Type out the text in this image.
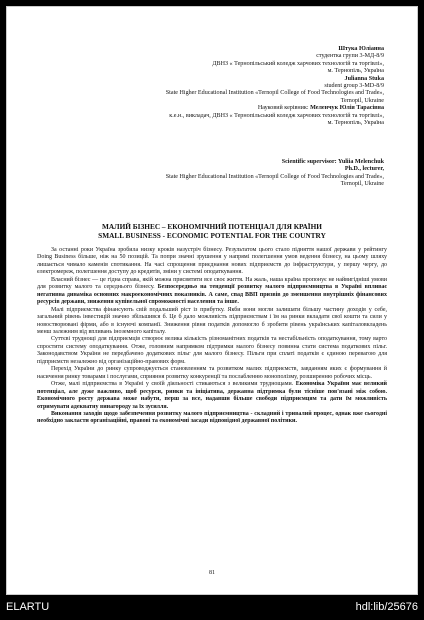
Штука Юліанна
студентка групи 3-МД-8/9
ДВНЗ « Тернопільський коледж харчових технологій та торгівлі»,
м. Тернопіль, Україна
Julianna Stuka
student group 3-MD-8/9
State Higher Educational Institution «Ternopil College of Food Technologies and Trade»,
Ternopil, Ukraine
Науковий керівник: Меленчук Юлія Тарасівна
к.е.н., викладач, ДВНЗ « Тернопільський коледж харчових технологій та торгівлі»,
м. Тернопіль, Україна
Scientific supervisor: Yuliia Melenchuk
Ph.D., lecturer,
State Higher Educational Institution «Ternopil College of Food Technologies and Trade»,
Ternopil, Ukraine
МАЛИЙ БІЗНЕС – ЕКОНОМІЧНИЙ ПОТЕНЦІАЛ ДЛЯ КРАЇНИ
SMALL BUSINESS - ECONOMIC POTENTIAL FOR THE COUNTRY

За останні роки Україна зробила низку кроків назустріч бізнесу. Результатом цього стало підняття нашої держави у рейтингу Doing Business більше, ніж на 50 позицій. Та попри значні зрушення у напрямі полегшення умов ведення бізнесу, на цьому шляху лишається чимало каменів спотикання. На часі спрощення приєднання нових підприємств до інфраструктури, у першу чергу, до електромереж, полегшення доступу до кредитів, зміни у системі оподаткування.

Власний бізнес — це гідна справа, якій можна присвятити все своє життя. На жаль, наша країна пропонує не найвигідніші умови для розвитку малого та середнього бізнесу. Безпосередньо на тенденції розвитку малого підприємництва в Україні впливає негативна динаміка основних макроекономічних показників. А саме, спад ВВП призвів до зменшення внутрішніх фінансових ресурсів держави, зниження купівельної спроможності населення та інше.

Малі підприємства фінансують свій подальший ріст із прибутку. Якби вони могли залишати більшу частину доходів у себе, загальний рівень інвестицій значно збільшився б. Це б дало можливість підприємствам і їм на ринки вкладати свої кошти та сили у новостворювані фірми, або в існуючі компанії. Зниження рівня податків допомогло б зробити рівень українських капіталовкладень менш залежним від впливань іноземного капіталу.

Суттєві труднощі для підприємців створює велика кількість різноманітних податків та нестабільність оподаткування, тому варто спростити систему оподаткування. Отже, головним напрямком підтримки малого бізнесу повинна стати система податкових пільг. Законодавством України не передбачено додаткових пільг для малого бізнесу. Пільги при сплаті податків є єдиною перевагою для підприємств незалежно від організаційно-правових форм.

Перехід України до ринку супроводжується становленням та розвитком малих підприємств, завданням яких є формування й насичення ринку товарами і послугами, сприяння розвитку конкуренції та послабленню монополізму, розширенню робочих місць.

Отже, малі підприємства в Україні у своїй діяльності стикаються з великими труднощами. Економіка України має великий потенціал, але дуже важливо, щоб ресурси, ринки та ініціатива, державна підтримка були тісніше пов'язані між собою. Економічного росту держава може набути, перш за все, надавши більше свободи підприємцям та дати їм можливість отримувати адекватну винагороду за їх зусилля.

Виконання заходів щодо забезпечення розвитку малого підприємництва - складний і тривалий процес, однак вже сьогодні необхідно закласти організаційні, правові та економічні засади відповідної державної політики.

81
ELARTU	hdl:lib/25676
